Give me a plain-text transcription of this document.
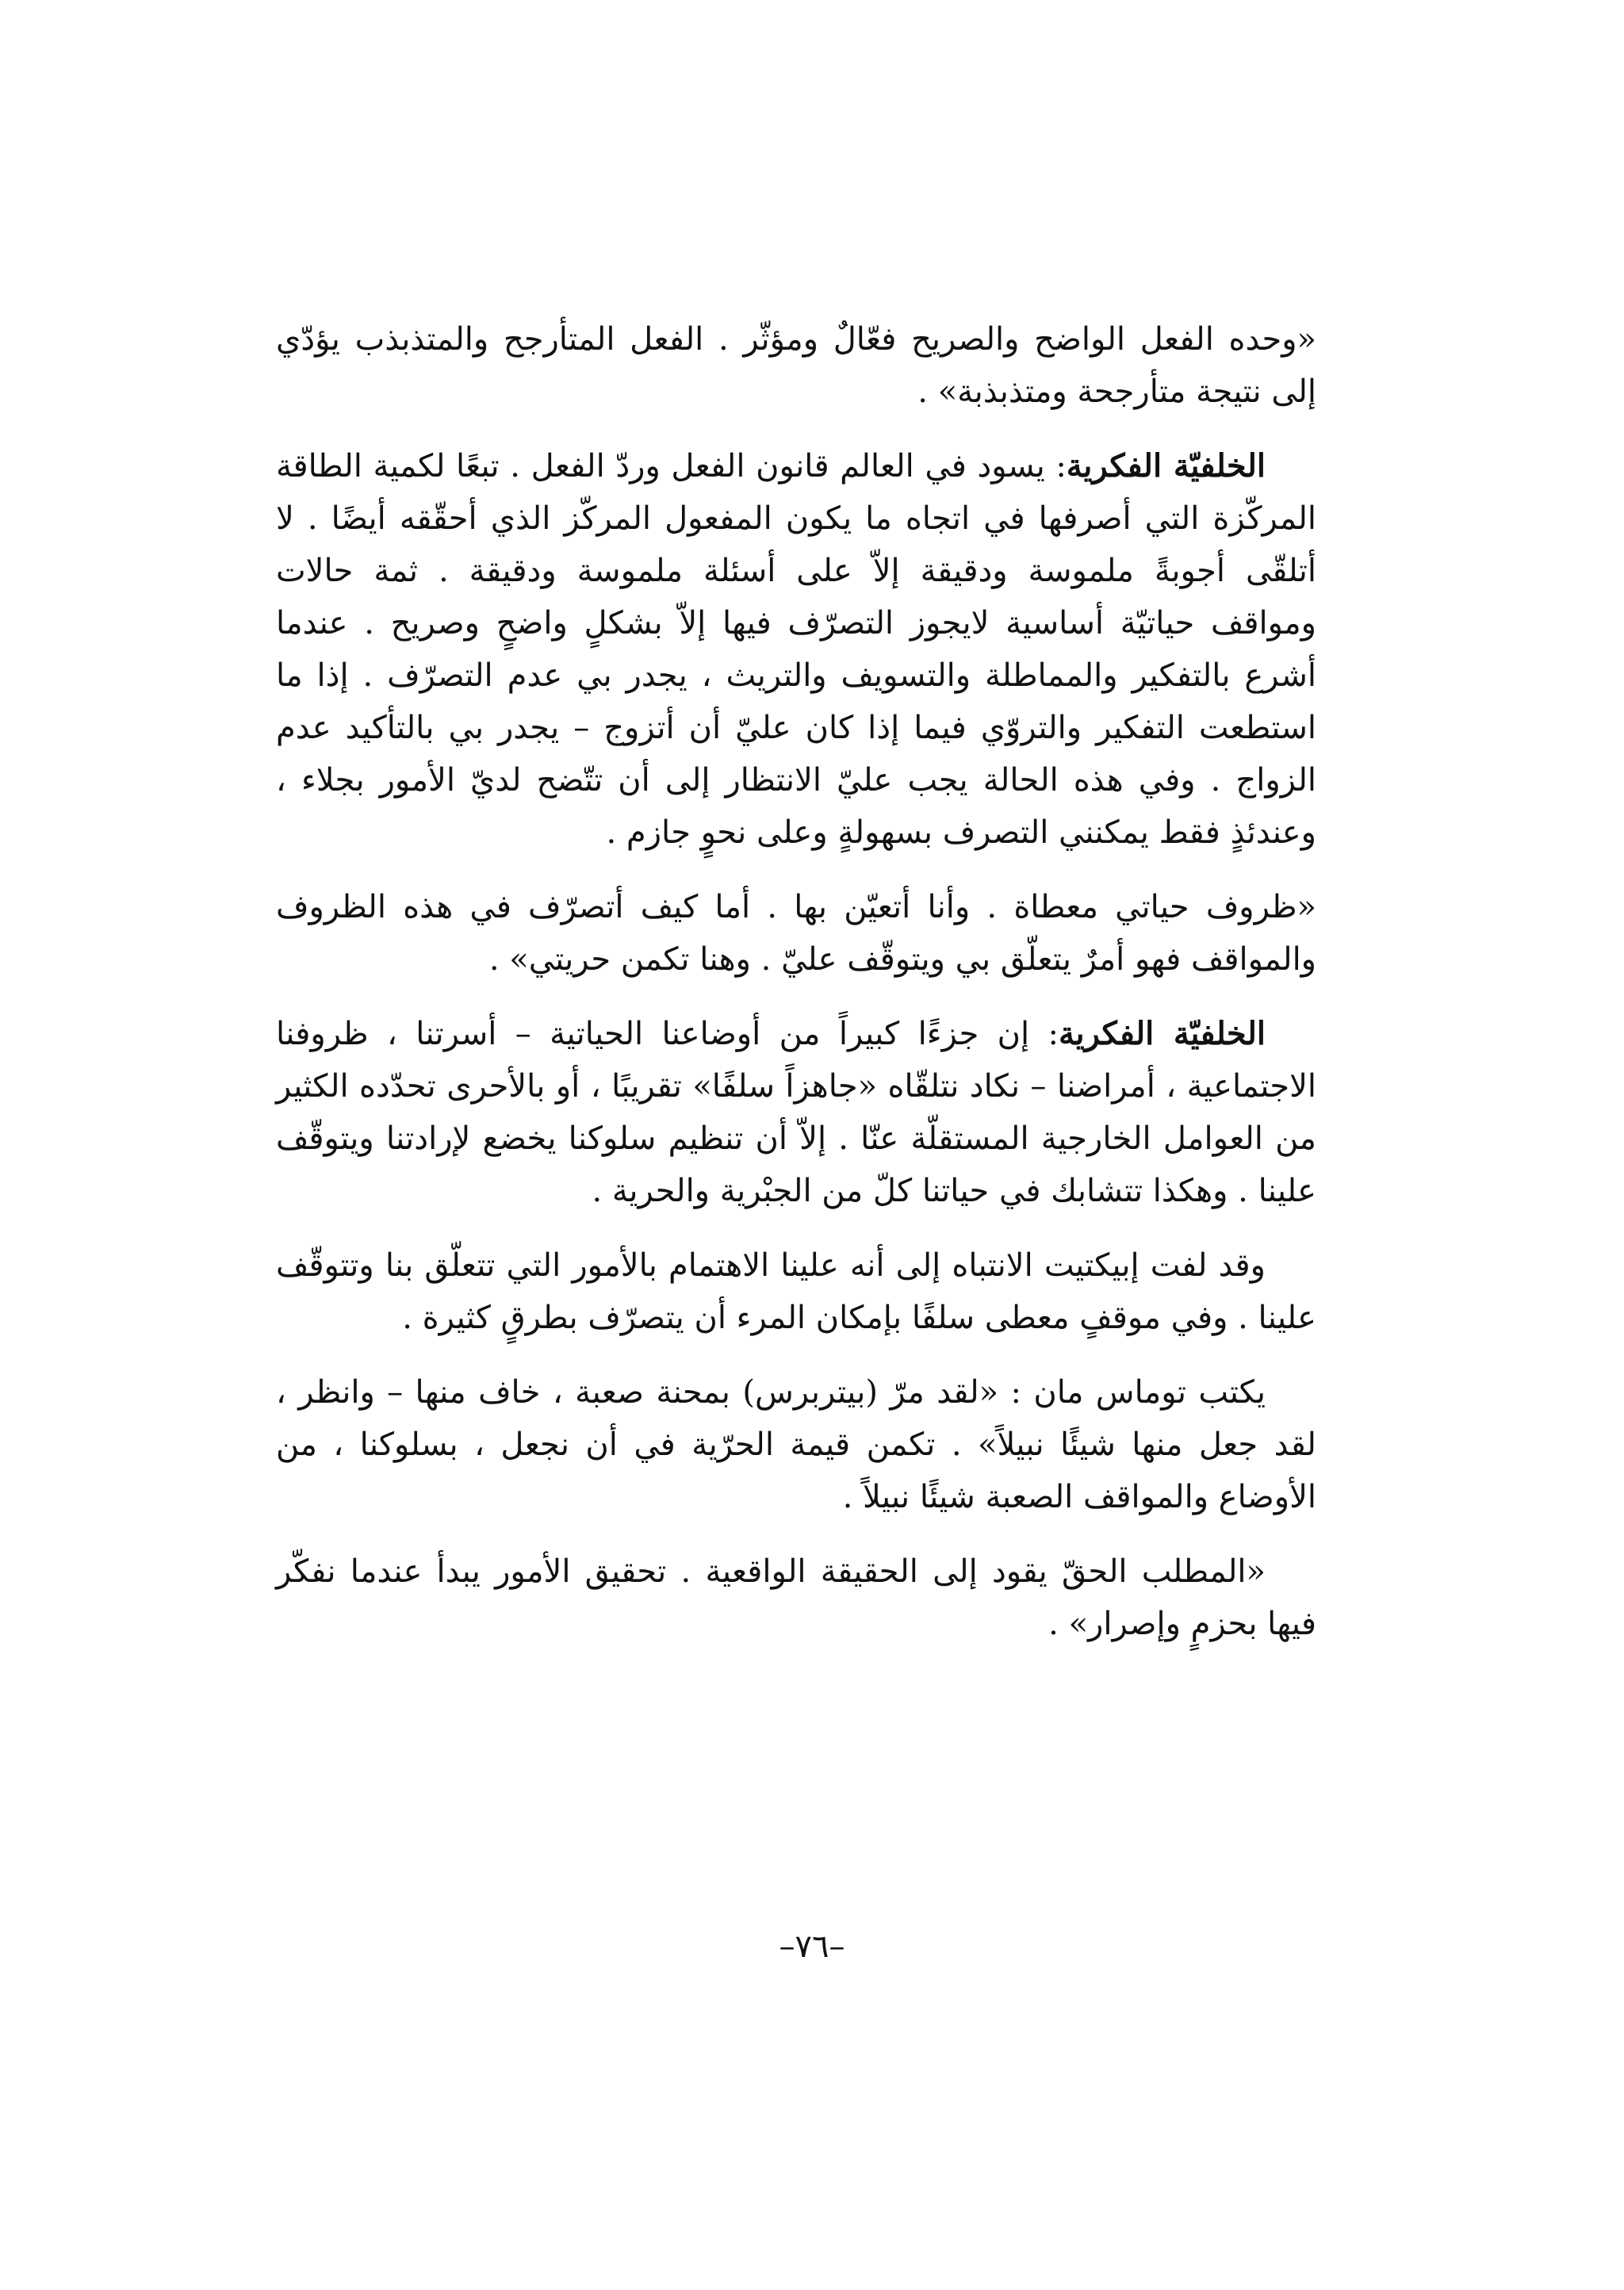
«وحده الفعل الواضح والصريح فعّالٌ ومؤثّر . الفعل المتأرجح والمتذبذب يؤدّي إلى نتيجة متأرجحة ومتذبذبة» .

الخلفيّة الفكرية: يسود في العالم قانون الفعل وردّ الفعل . تبعًا لكمية الطاقة المركّزة التي أصرفها في اتجاه ما يكون المفعول المركّز الذي أحقّقه أيضًا . لا أتلقّى أجوبةً ملموسة ودقيقة إلاّ على أسئلة ملموسة ودقيقة . ثمة حالات ومواقف حياتيّة أساسية لايجوز التصرّف فيها إلاّ بشكلٍ واضحٍ وصريح . عندما أشرع بالتفكير والمماطلة والتسويف والتريث ، يجدر بي عدم التصرّف . إذا ما استطعت التفكير والتروّي فيما إذا كان عليّ أن أتزوج – يجدر بي بالتأكيد عدم الزواج . وفي هذه الحالة يجب عليّ الانتظار إلى أن تتّضح لديّ الأمور بجلاء ، وعندئذٍ فقط يمكنني التصرف بسهولةٍ وعلى نحوٍ جازم .

«ظروف حياتي معطاة . وأنا أتعيّن بها . أما كيف أتصرّف في هذه الظروف والمواقف فهو أمرٌ يتعلّق بي ويتوقّف عليّ . وهنا تكمن حريتي» .

الخلفيّة الفكرية: إن جزءًا كبيراً من أوضاعنا الحياتية – أسرتنا ، ظروفنا الاجتماعية ، أمراضنا – نكاد نتلقّاه «جاهزاً سلفًا» تقريبًا ، أو بالأحرى تحدّده الكثير من العوامل الخارجية المستقلّة عنّا . إلاّ أن تنظيم سلوكنا يخضع لإرادتنا ويتوقّف علينا . وهكذا تتشابك في حياتنا كلّ من الجبْرية والحرية .

وقد لفت إبيكتيت الانتباه إلى أنه علينا الاهتمام بالأمور التي تتعلّق بنا وتتوقّف علينا . وفي موقفٍ معطى سلفًا بإمكان المرء أن يتصرّف بطرقٍ كثيرة .

يكتب توماس مان : «لقد مرّ (بيتربرس) بمحنة صعبة ، خاف منها – وانظر ، لقد جعل منها شيئًا نبيلاً» . تكمن قيمة الحرّية في أن نجعل ، بسلوكنا ، من الأوضاع والمواقف الصعبة شيئًا نبيلاً .

«المطلب الحقّ يقود إلى الحقيقة الواقعية . تحقيق الأمور يبدأ عندما نفكّر فيها بحزمٍ وإصرار» .

–٧٦–
